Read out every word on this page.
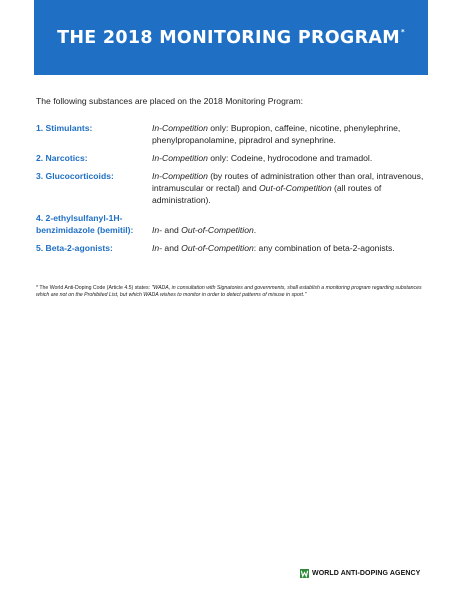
THE 2018 MONITORING PROGRAM*

The following substances are placed on the 2018 Monitoring Program:

1. Stimulants:	In-Competition only: Bupropion, caffeine, nicotine, phenylephrine, phenylpropanolamine, pipradrol and synephrine.
2. Narcotics:	In-Competition only: Codeine, hydrocodone and tramadol.
3. Glucocorticoids:	In-Competition (by routes of administration other than oral, intravenous, intramuscular or rectal) and Out-of-Competition (all routes of administration).
4. 2-ethylsulfanyl-1H-
benzimidazole (bemitil):	In- and Out-of-Competition.
5. Beta-2-agonists:	In- and Out-of-Competition: any combination of beta-2-agonists.

* The World Anti-Doping Code (Article 4.5) states: "WADA, in consultation with Signatories and governments, shall establish a monitoring program regarding substances which are not on the Prohibited List, but which WADA wishes to monitor in order to detect patterns of misuse in sport."

WORLD ANTI-DOPING AGENCY
